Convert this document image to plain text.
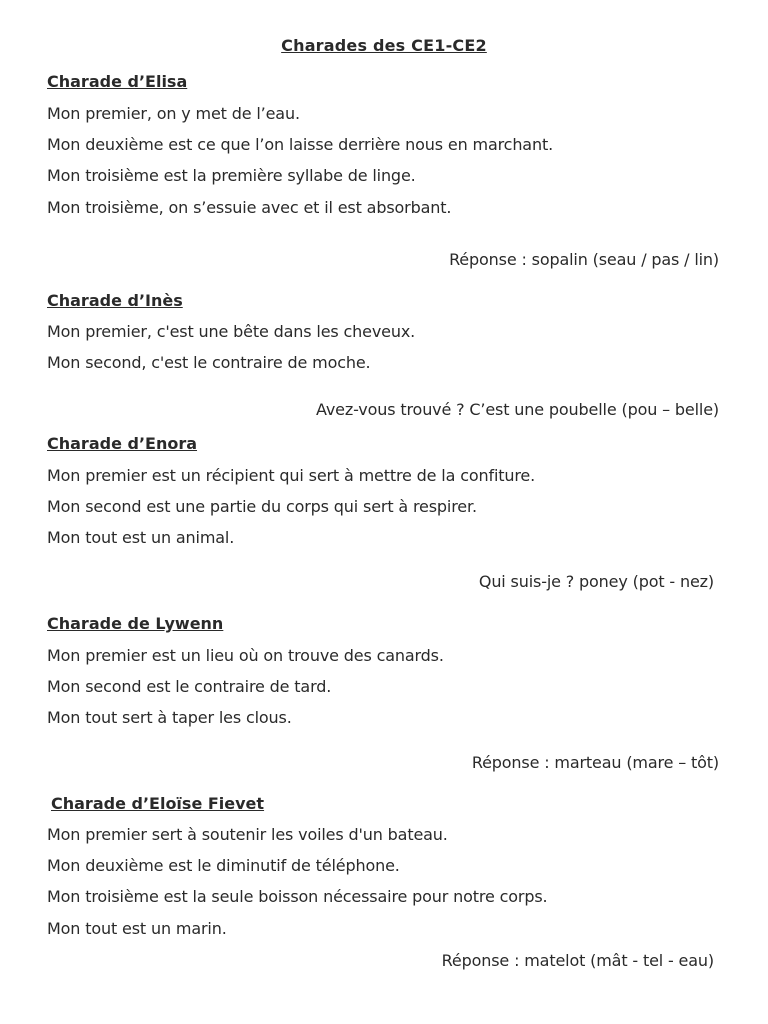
Charades des CE1-CE2
Charade d’Elisa
Mon premier, on y met de l’eau.
Mon deuxième est ce que l’on laisse derrière nous en marchant.
Mon troisième est la première syllabe de linge.
Mon troisième, on s’essuie avec et il est absorbant.
Réponse : sopalin (seau / pas / lin)
Charade d’Inès
Mon premier, c'est une bête dans les cheveux.
Mon second, c'est le contraire de moche.
Avez-vous trouvé ? C’est une poubelle (pou – belle)
Charade d’Enora
Mon premier est un récipient qui sert à mettre de la confiture.
Mon second est une partie du corps qui sert à respirer.
Mon tout est un animal.
Qui suis-je ? poney (pot - nez)
Charade de Lywenn
Mon premier est un lieu où on trouve des canards.
Mon second est le contraire de tard.
Mon tout sert à taper les clous.
Réponse : marteau (mare – tôt)
Charade d’Eloïse Fievet
Mon premier sert à soutenir les voiles d'un bateau.
Mon deuxième est le diminutif de téléphone.
Mon troisième est la seule boisson nécessaire pour notre corps.
Mon tout est un marin.
Réponse : matelot (mât - tel - eau)
